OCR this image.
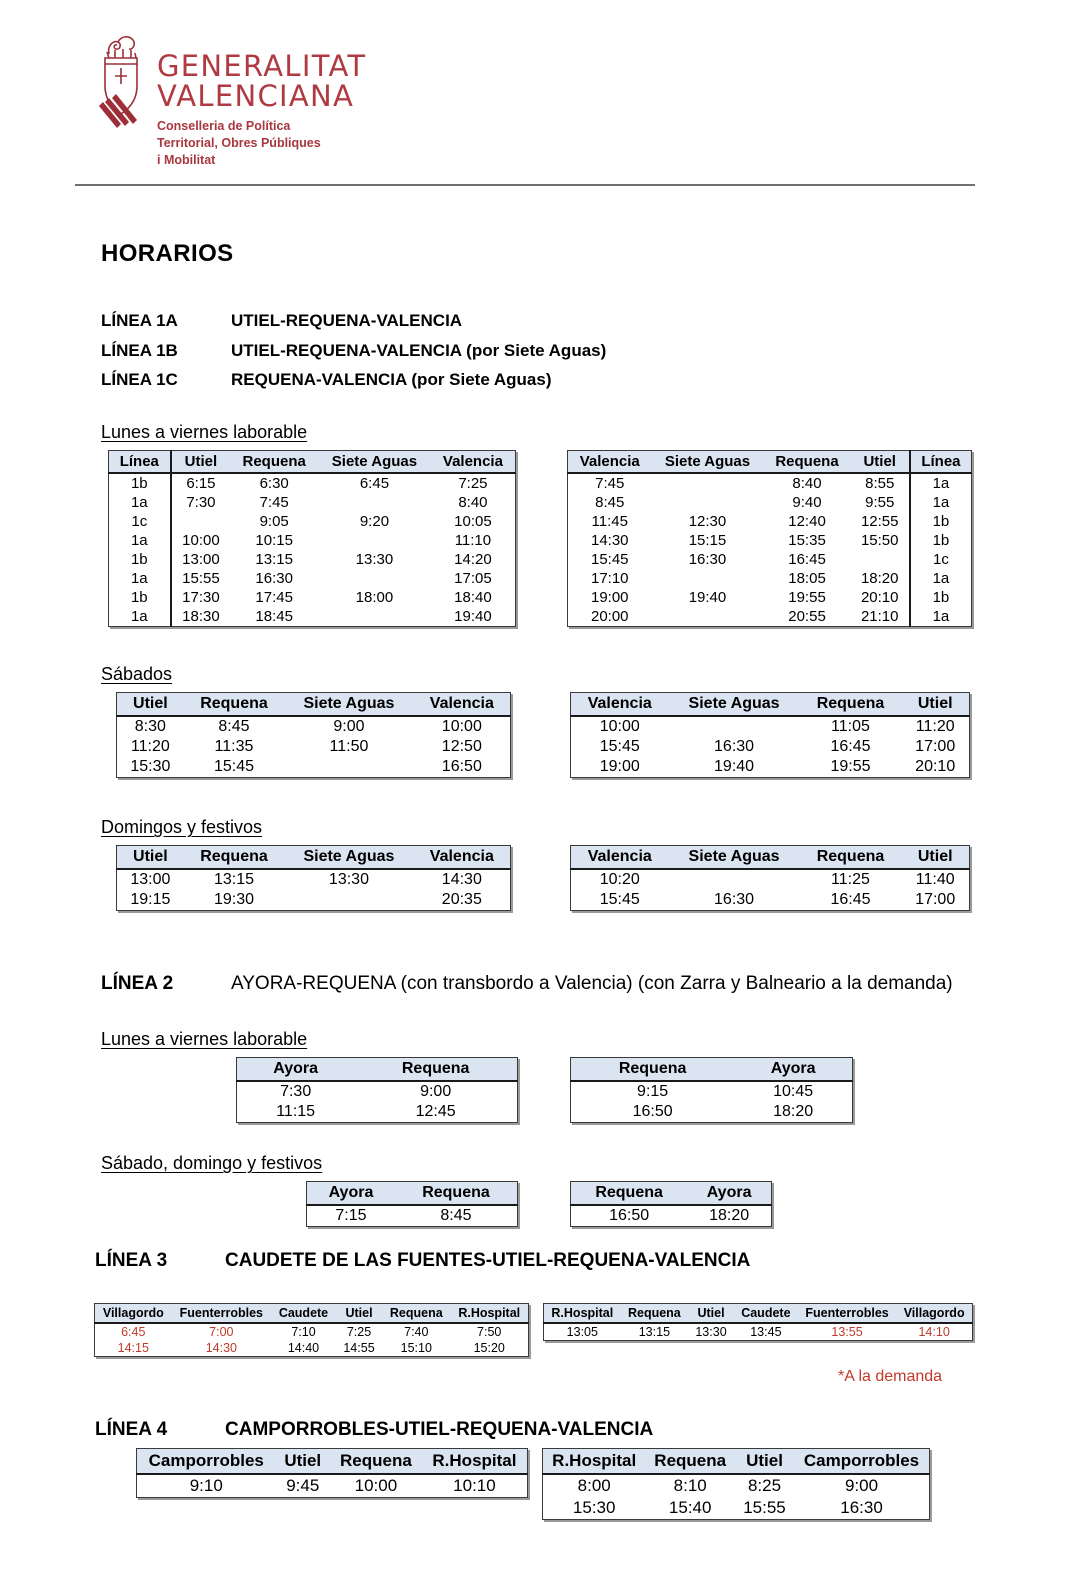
GENERALITAT
VALENCIANA
Conselleria de Política
Territorial, Obres Públiques
i Mobilitat
HORARIOS
LÍNEA 1A	UTIEL-REQUENA-VALENCIA
LÍNEA 1B	UTIEL-REQUENA-VALENCIA (por Siete Aguas)
LÍNEA 1C	REQUENA-VALENCIA (por Siete Aguas)
Lunes a viernes laborable
Sábados
Domingos y festivos
LÍNEA 2	AYORA-REQUENA (con transbordo a Valencia) (con Zarra y Balneario a la demanda)
Lunes a viernes laborable
Sábado, domingo y festivos
LÍNEA 3	CAUDETE DE LAS FUENTES-UTIEL-REQUENA-VALENCIA
*A la demanda
LÍNEA 4	CAMPORROBLES-UTIEL-REQUENA-VALENCIA
Línea	Utiel	Requena	Siete Aguas	Valencia
1b	6:15	6:30	6:45	7:25
1a	7:30	7:45		8:40
1c		9:05	9:20	10:05
1a	10:00	10:15		11:10
1b	13:00	13:15	13:30	14:20
1a	15:55	16:30		17:05
1b	17:30	17:45	18:00	18:40
1a	18:30	18:45		19:40
Valencia	Siete Aguas	Requena	Utiel	Línea
7:45		8:40	8:55	1a
8:45		9:40	9:55	1a
11:45	12:30	12:40	12:55	1b
14:30	15:15	15:35	15:50	1b
15:45	16:30	16:45		1c
17:10		18:05	18:20	1a
19:00	19:40	19:55	20:10	1b
20:00		20:55	21:10	1a
Utiel	Requena	Siete Aguas	Valencia
8:30	8:45	9:00	10:00
11:20	11:35	11:50	12:50
15:30	15:45		16:50
Valencia	Siete Aguas	Requena	Utiel
10:00		11:05	11:20
15:45	16:30	16:45	17:00
19:00	19:40	19:55	20:10
Utiel	Requena	Siete Aguas	Valencia
13:00	13:15	13:30	14:30
19:15	19:30		20:35
Valencia	Siete Aguas	Requena	Utiel
10:20		11:25	11:40
15:45	16:30	16:45	17:00
Ayora	Requena
7:30	9:00
11:15	12:45
Requena	Ayora
9:15	10:45
16:50	18:20
Ayora	Requena
7:15	8:45
Requena	Ayora
16:50	18:20
Villagordo	Fuenterrobles	Caudete	Utiel	Requena	R.Hospital
6:45	7:00	7:10	7:25	7:40	7:50
14:15	14:30	14:40	14:55	15:10	15:20
R.Hospital	Requena	Utiel	Caudete	Fuenterrobles	Villagordo
13:05	13:15	13:30	13:45	13:55	14:10
Camporrobles	Utiel	Requena	R.Hospital
9:10	9:45	10:00	10:10
R.Hospital	Requena	Utiel	Camporrobles
8:00	8:10	8:25	9:00
15:30	15:40	15:55	16:30
